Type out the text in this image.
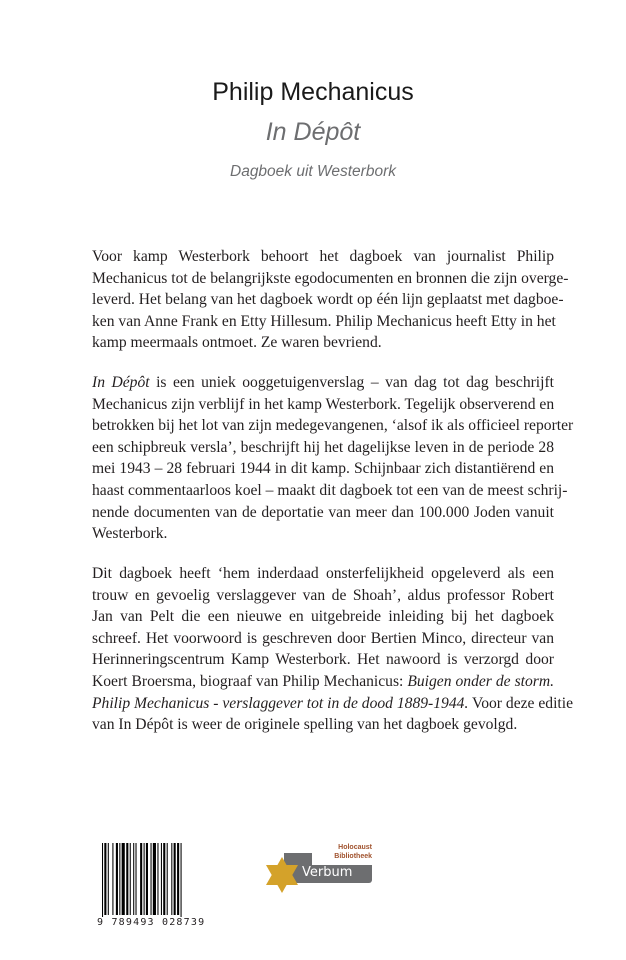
Philip Mechanicus
In Dépôt
Dagboek uit Westerbork
Voor kamp Westerbork behoort het dagboek van journalist Philip
Mechanicus tot de belangrijkste egodocumenten en bronnen die zijn overge-
leverd. Het belang van het dagboek wordt op één lijn geplaatst met dagboe-
ken van Anne Frank en Etty Hillesum. Philip Mechanicus heeft Etty in het
kamp meermaals ontmoet. Ze waren bevriend.
In Dépôt is een uniek ooggetuigenverslag – van dag tot dag beschrijft
Mechanicus zijn verblijf in het kamp Westerbork. Tegelijk observerend en
betrokken bij het lot van zijn medegevangenen, ‘alsof ik als officieel reporter
een schipbreuk versla’, beschrijft hij het dagelijkse leven in de periode 28
mei 1943 – 28 februari 1944 in dit kamp. Schijnbaar zich distantiërend en
haast commentaarloos koel – maakt dit dagboek tot een van de meest schrij-
nende documenten van de deportatie van meer dan 100.000 Joden vanuit
Westerbork.
Dit dagboek heeft ‘hem inderdaad onsterfelijkheid opgeleverd als een
trouw en gevoelig verslaggever van de Shoah’, aldus professor Robert
Jan van Pelt die een nieuwe en uitgebreide inleiding bij het dagboek
schreef. Het voorwoord is geschreven door Bertien Minco, directeur van
Herinneringscentrum Kamp Westerbork. Het nawoord is verzorgd door
Koert Broersma, biograaf van Philip Mechanicus: Buigen onder de storm.
Philip Mechanicus - verslaggever tot in de dood 1889-1944. Voor deze editie
van In Dépôt is weer de originele spelling van het dagboek gevolgd.
9 789493 028739
Holocaust
Bibliotheek
Verbum
